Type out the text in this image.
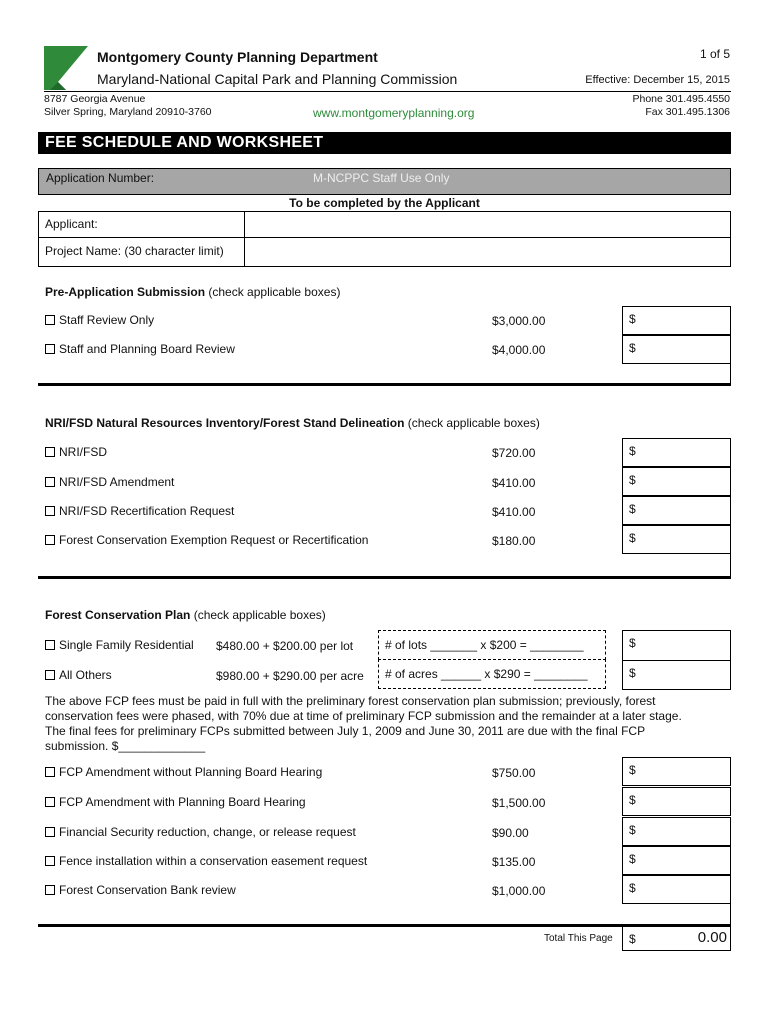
Montgomery County Planning Department
Maryland-National Capital Park and Planning Commission
1 of 5
Effective: December 15, 2015
8787 Georgia Avenue
Silver Spring, Maryland 20910-3760	www.montgomeryplanning.org
Phone 301.495.4550
Fax 301.495.1306
FEE SCHEDULE AND WORKSHEET
Application Number:	M-NCPPC Staff Use Only
To be completed by the Applicant
Applicant:
Project Name: (30 character limit)
Pre-Application Submission (check applicable boxes)
Staff Review Only	$3,000.00	$
Staff and Planning Board Review	$4,000.00	$
NRI/FSD Natural Resources Inventory/Forest Stand Delineation (check applicable boxes)
NRI/FSD	$720.00	$
NRI/FSD Amendment	$410.00	$
NRI/FSD Recertification Request	$410.00	$
Forest Conservation Exemption Request or Recertification	$180.00	$
Forest Conservation Plan (check applicable boxes)
Single Family Residential $480.00 + $200.00 per lot	# of lots _______ x $200 = ________	$
All Others	$980.00 + $290.00 per acre	# of acres ______ x $290 = ________	$
The above FCP fees must be paid in full with the preliminary forest conservation plan submission; previously, forest
conservation fees were phased, with 70% due at time of preliminary FCP submission and the remainder at a later stage.
The final fees for preliminary FCPs submitted between July 1, 2009 and June 30, 2011 are due with the final FCP
submission. $_____________
FCP Amendment without Planning Board Hearing	$750.00	$
FCP Amendment with Planning Board Hearing	$1,500.00	$
Financial Security reduction, change, or release request	$90.00	$
Fence installation within a conservation easement request	$135.00	$
Forest Conservation Bank review	$1,000.00	$
Total This Page $	0.00
